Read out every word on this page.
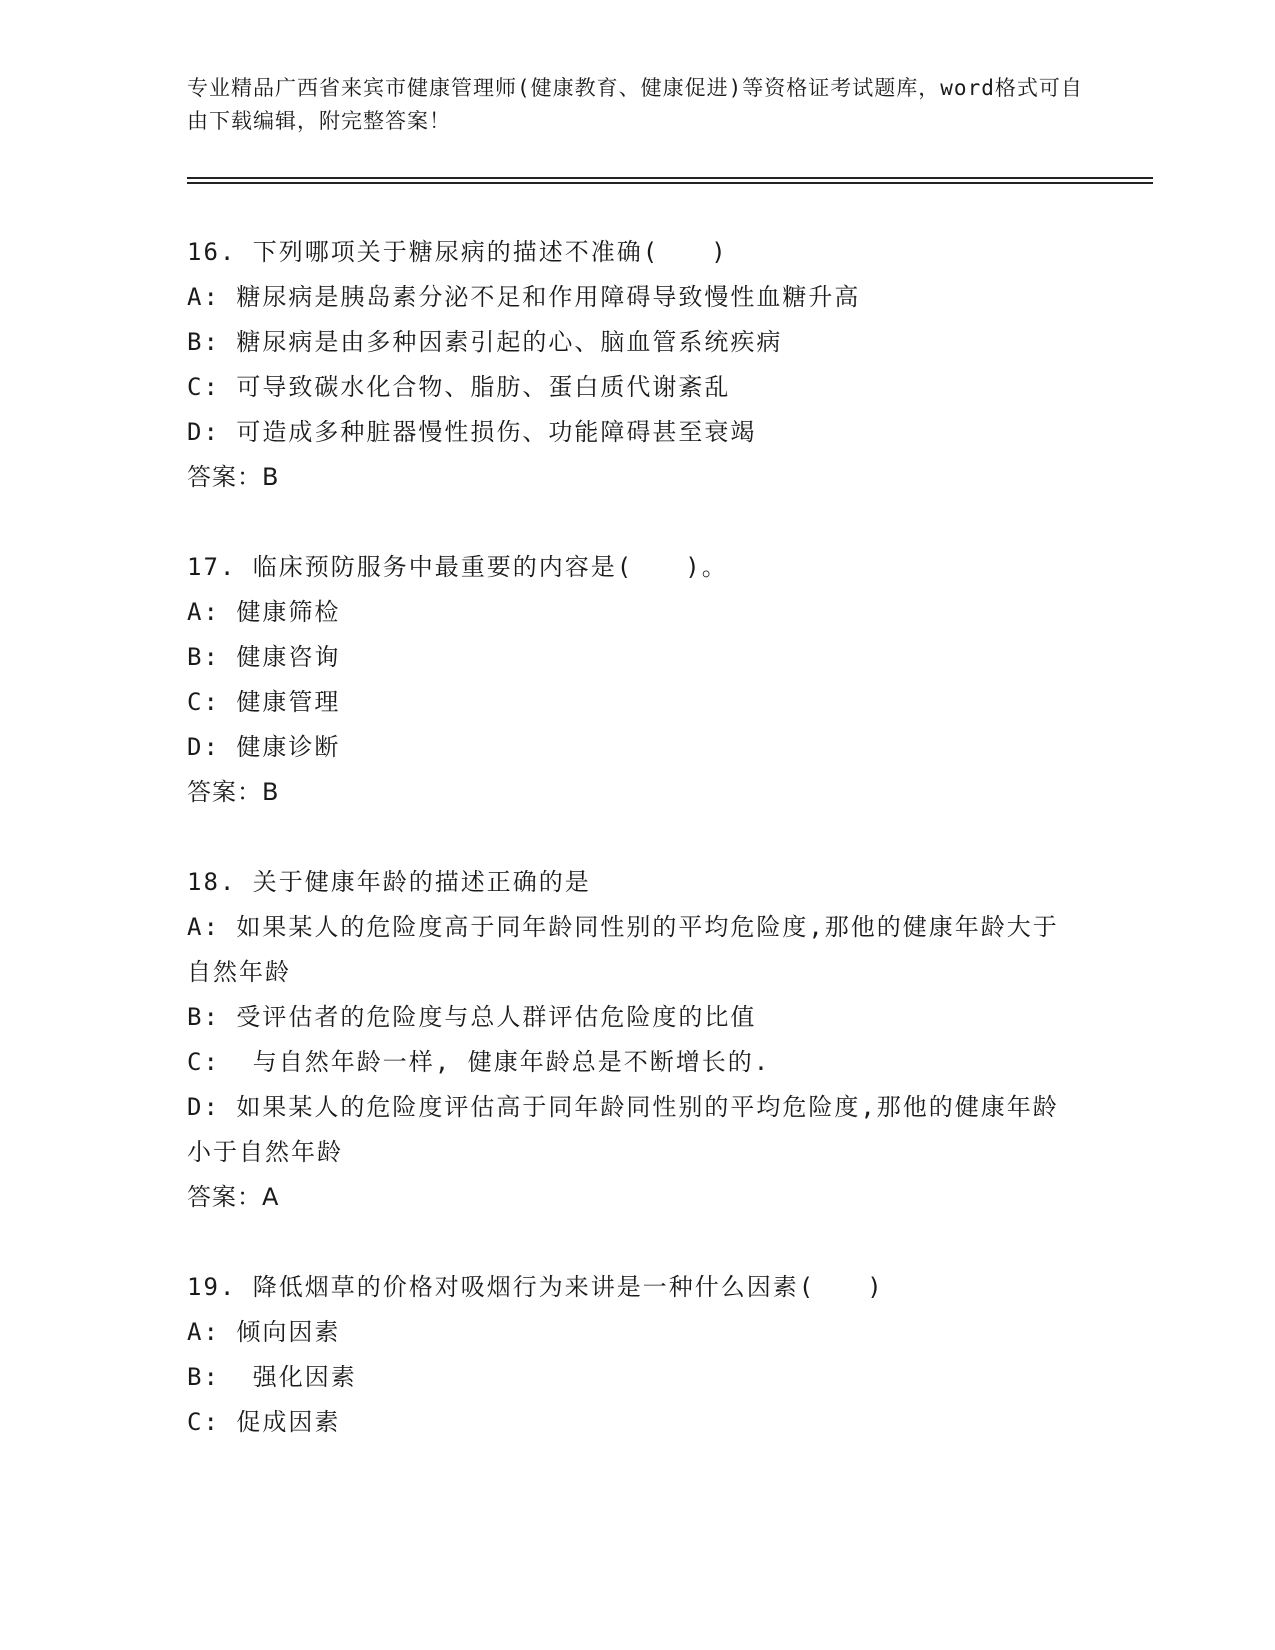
专业精品广西省来宾市健康管理师(健康教育、健康促进)等资格证考试题库，word格式可自由下载编辑，附完整答案！
16. 下列哪项关于糖尿病的描述不准确(　　)
A: 糖尿病是胰岛素分泌不足和作用障碍导致慢性血糖升高
B: 糖尿病是由多种因素引起的心、脑血管系统疾病
C: 可导致碳水化合物、脂肪、蛋白质代谢紊乱
D: 可造成多种脏器慢性损伤、功能障碍甚至衰竭
答案：B
17. 临床预防服务中最重要的内容是(　　)。
A: 健康筛检
B: 健康咨询
C: 健康管理
D: 健康诊断
答案：B
18. 关于健康年龄的描述正确的是
A: 如果某人的危险度高于同年龄同性别的平均危险度,那他的健康年龄大于自然年龄
B: 受评估者的危险度与总人群评估危险度的比值
C:  与自然年龄一样, 健康年龄总是不断增长的.
D: 如果某人的危险度评估高于同年龄同性别的平均危险度,那他的健康年龄小于自然年龄
答案：A
19. 降低烟草的价格对吸烟行为来讲是一种什么因素(　　)
A: 倾向因素
B:  强化因素
C: 促成因素
